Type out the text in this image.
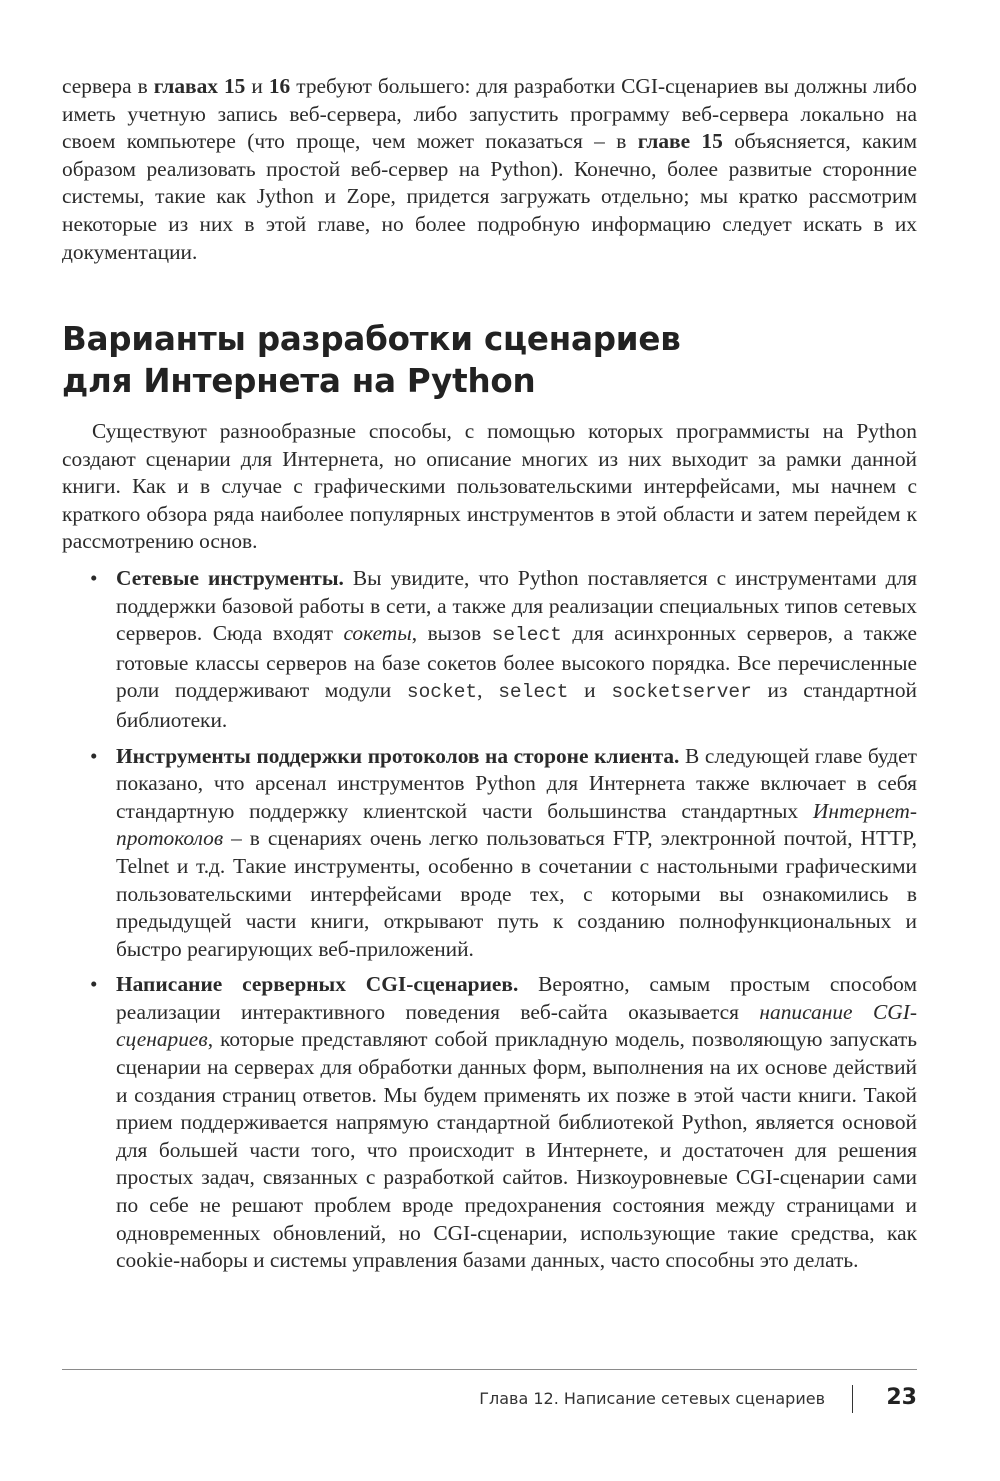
сервера в главах 15 и 16 требуют большего: для разработки CGI-сценариев вы должны либо иметь учетную запись веб-сервера, либо запустить программу веб-сервера локально на своем компьютере (что проще, чем может показаться – в главе 15 объясняется, каким образом реализовать простой веб-сервер на Python). Конечно, более развитые сторонние системы, такие как Jython и Zope, придется загружать отдельно; мы кратко рассмотрим некоторые из них в этой главе, но более подробную информацию следует искать в их документации.

Варианты разработки сценариев
для Интернета на Python

Существуют разнообразные способы, с помощью которых программисты на Python создают сценарии для Интернета, но описание многих из них выходит за рамки данной книги. Как и в случае с графическими пользовательскими интерфейсами, мы начнем с краткого обзора ряда наиболее популярных инструментов в этой области и затем перейдем к рассмотрению основ.

• Сетевые инструменты. Вы увидите, что Python поставляется с инструментами для поддержки базовой работы в сети, а также для реализации специальных типов сетевых серверов. Сюда входят сокеты, вызов select для асинхронных серверов, а также готовые классы серверов на базе сокетов более высокого порядка. Все перечисленные роли поддерживают модули socket, select и socketserver из стандартной библиотеки.
• Инструменты поддержки протоколов на стороне клиента. В следующей главе будет показано, что арсенал инструментов Python для Интернета также включает в себя стандартную поддержку клиентской части большинства стандартных Интернет-протоколов – в сценариях очень легко пользоваться FTP, электронной почтой, HTTP, Telnet и т.д. Такие инструменты, особенно в сочетании с настольными графическими пользовательскими интерфейсами вроде тех, с которыми вы ознакомились в предыдущей части книги, открывают путь к созданию полнофункциональных и быстро реагирующих веб-приложений.
• Написание серверных CGI-сценариев. Вероятно, самым простым способом реализации интерактивного поведения веб-сайта оказывается написание CGI-сценариев, которые представляют собой прикладную модель, позволяющую запускать сценарии на серверах для обработки данных форм, выполнения на их основе действий и создания страниц ответов. Мы будем применять их позже в этой части книги. Такой прием поддерживается напрямую стандартной библиотекой Python, является основой для большей части того, что происходит в Интернете, и достаточен для решения простых задач, связанных с разработкой сайтов. Низкоуровневые CGI-сценарии сами по себе не решают проблем вроде предохранения состояния между страницами и одновременных обновлений, но CGI-сценарии, использующие такие средства, как cookie-наборы и системы управления базами данных, часто способны это делать.
Глава 12. Написание сетевых сценариев	23
